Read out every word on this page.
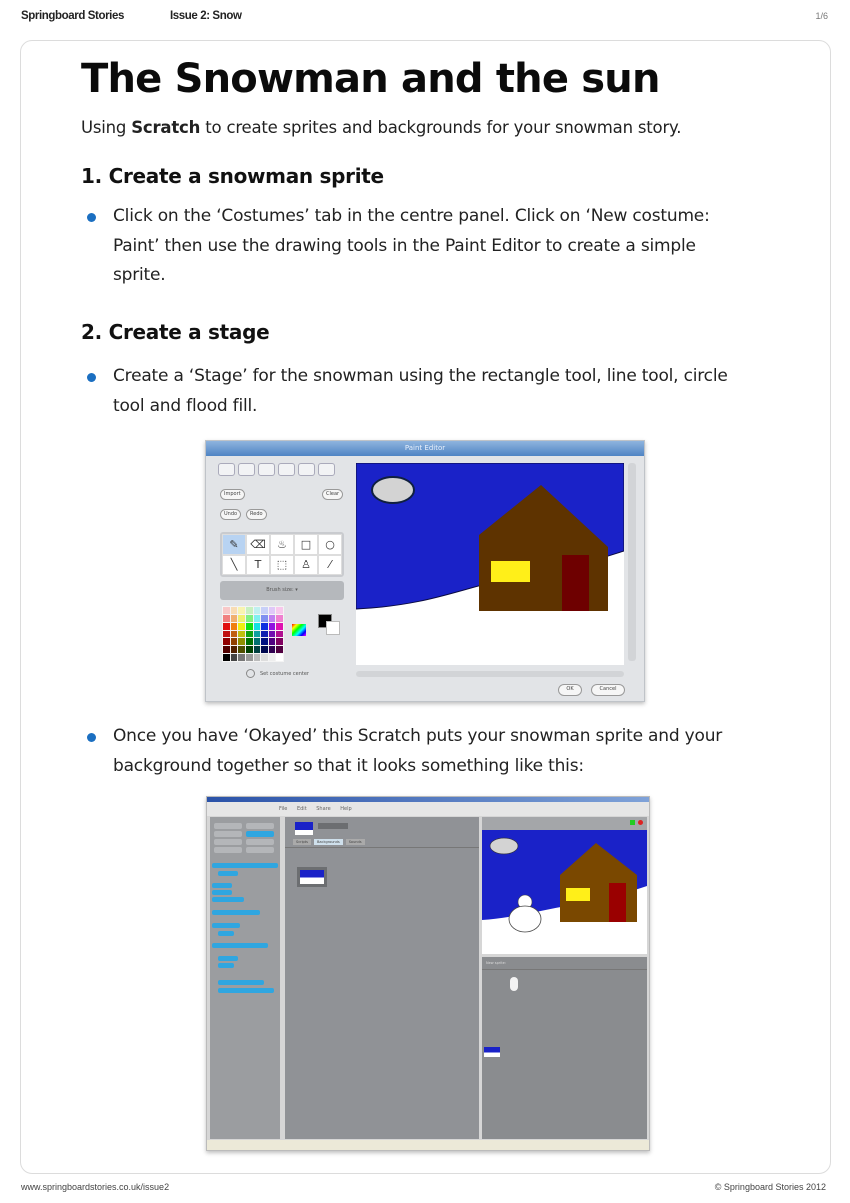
Springboard Stories	Issue 2: Snow	1/6
The Snowman and the sun

Using Scratch to create sprites and backgrounds for your snowman story.

1. Create a snowman sprite
Click on the ‘Costumes’ tab in the centre panel. Click on ‘New costume: Paint’ then use the drawing tools in the Paint Editor to create a simple sprite.
2. Create a stage
Create a ‘Stage’ for the snowman using the rectangle tool, line tool, circle tool and flood fill.
Paint Editor
Import	Clear
Undo	Redo
✎	⌫	♨	□	○
╲	T	⬚	♙	⁄
Brush size: ▾
Set costume center
OK	Cancel
Once you have ‘Okayed’ this Scratch puts your snowman sprite and your background together so that it looks something like this:
File Edit Share Help
Scripts	Backgrounds	Sounds
New sprite:
www.springboardstories.co.uk/issue2	© Springboard Stories 2012
